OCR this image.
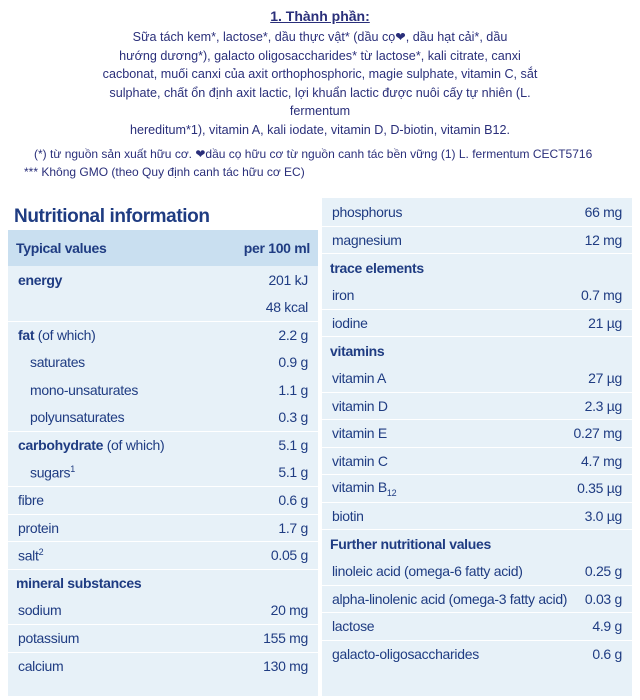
1. Thành phần:
Sữa tách kem*, lactose*, dầu thực vật* (dầu cọ❤, dầu hạt cải*, dầu
hướng dương*), galacto oligosaccharides* từ lactose*, kali citrate, canxi
cacbonat, muối canxi của axit orthophosphoric, magie sulphate, vitamin C, sắt
sulphate, chất ổn định axit lactic, lợi khuẩn lactic được nuôi cấy tự nhiên (L. fermentum
hereditum*1), vitamin A, kali iodate, vitamin D, D-biotin, vitamin B12.
(*) từ nguồn sản xuất hữu cơ. ❤dầu cọ hữu cơ từ nguồn canh tác bền vững (1) L. fermentum CECT5716
*** Không GMO (theo Quy định canh tác hữu cơ EC)
Nutritional information
Typical values	per 100 ml
energy	201 kJ
48 kcal
fat (of which)	2.2 g
saturates	0.9 g
mono-unsaturates	1.1 g
polyunsaturates	0.3 g
carbohydrate (of which)	5.1 g
sugars$^1$	5.1 g
fibre	0.6 g
protein	1.7 g
salt$^2$	0.05 g
mineral substances
sodium	20 mg
potassium	155 mg
calcium	130 mg
phosphorus	66 mg
magnesium	12 mg
trace elements
iron	0.7 mg
iodine	21 µg
vitamins
vitamin A	27 µg
vitamin D	2.3 µg
vitamin E	0.27 mg
vitamin C	4.7 mg
vitamin $B_{12}$	0.35 µg
biotin	3.0 µg
Further nutritional values
linoleic acid (omega-6 fatty acid)	0.25 g
alpha-linolenic acid (omega-3 fatty acid) 0.03 g
lactose	4.9 g
galacto-oligosaccharides	0.6 g
